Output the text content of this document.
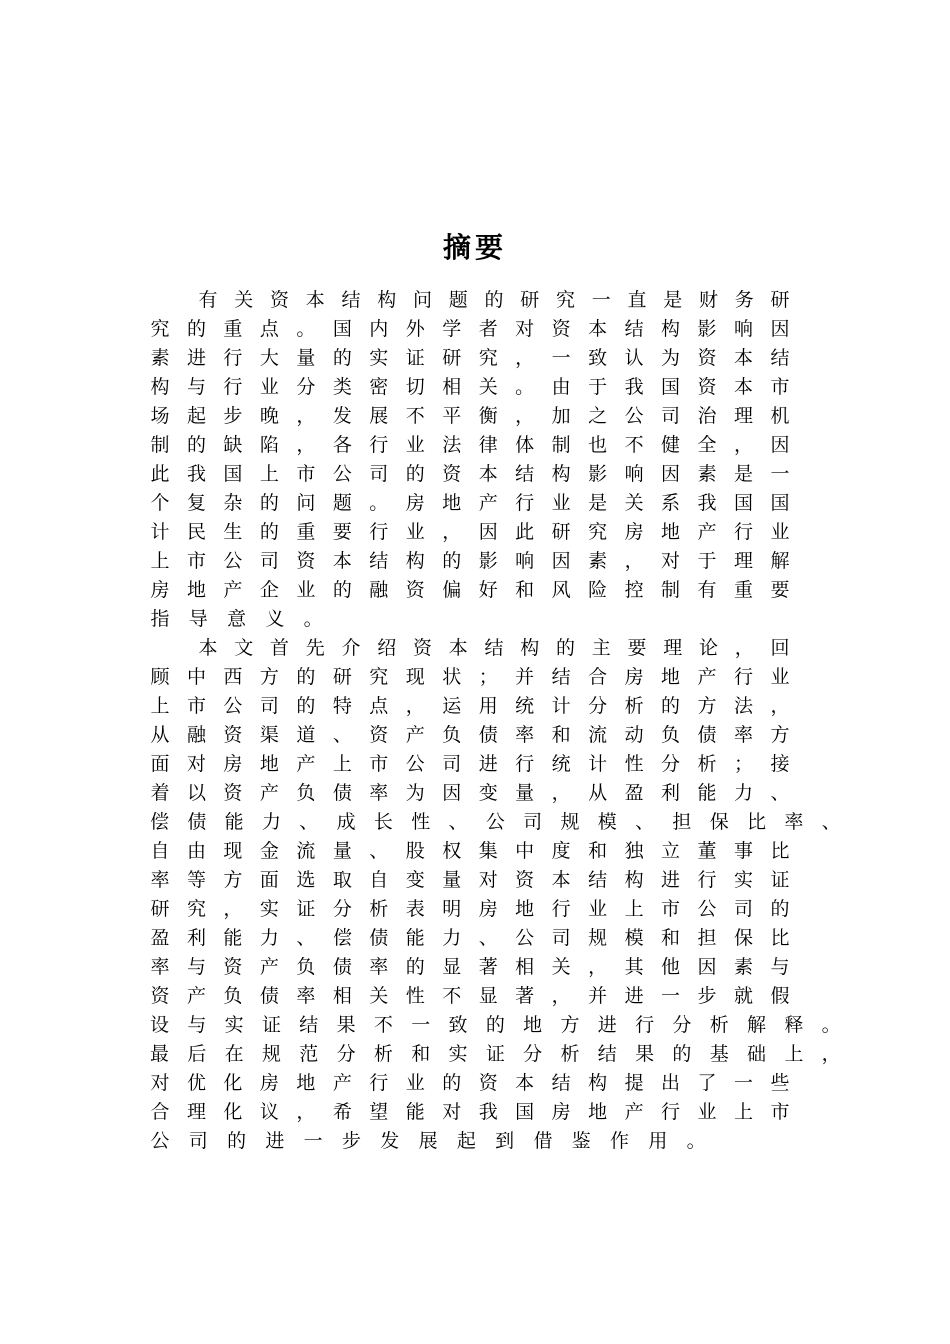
摘要
有 关 资 本 结 构 问 题 的 研 究 一 直 是 财 务 研
究 的 重 点 。 国 内 外 学 者 对 资 本 结 构 影 响 因
素 进 行 大 量 的 实 证 研 究 ， 一 致 认 为 资 本 结
构 与 行 业 分 类 密 切 相 关 。 由 于 我 国 资 本 市
场 起 步 晚 ， 发 展 不 平 衡 ， 加 之 公 司 治 理 机
制 的 缺 陷 ， 各 行 业 法 律 体 制 也 不 健 全 ， 因
此 我 国 上 市 公 司 的 资 本 结 构 影 响 因 素 是 一
个 复 杂 的 问 题 。 房 地 产 行 业 是 关 系 我 国 国
计 民 生 的 重 要 行 业 ， 因 此 研 究 房 地 产 行 业
上 市 公 司 资 本 结 构 的 影 响 因 素 ， 对 于 理 解
房 地 产 企 业 的 融 资 偏 好 和 风 险 控 制 有 重 要
指 导 意 义 。
本 文 首 先 介 绍 资 本 结 构 的 主 要 理 论 ， 回
顾 中 西 方 的 研 究 现 状 ； 并 结 合 房 地 产 行 业
上 市 公 司 的 特 点 ， 运 用 统 计 分 析 的 方 法 ，
从 融 资 渠 道 、 资 产 负 债 率 和 流 动 负 债 率 方
面 对 房 地 产 上 市 公 司 进 行 统 计 性 分 析 ； 接
着 以 资 产 负 债 率 为 因 变 量 ， 从 盈 利 能 力 、
偿 债 能 力 、 成 长 性 、 公 司 规 模 、 担 保 比 率 、
自 由 现 金 流 量 、 股 权 集 中 度 和 独 立 董 事 比
率 等 方 面 选 取 自 变 量 对 资 本 结 构 进 行 实 证
研 究 ， 实 证 分 析 表 明 房 地 行 业 上 市 公 司 的
盈 利 能 力 、 偿 债 能 力 、 公 司 规 模 和 担 保 比
率 与 资 产 负 债 率 的 显 著 相 关 ， 其 他 因 素 与
资 产 负 债 率 相 关 性 不 显 著 ， 并 进 一 步 就 假
设 与 实 证 结 果 不 一 致 的 地 方 进 行 分 析 解 释 。
最 后 在 规 范 分 析 和 实 证 分 析 结 果 的 基 础 上 ，
对 优 化 房 地 产 行 业 的 资 本 结 构 提 出 了 一 些
合 理 化 议 ， 希 望 能 对 我 国 房 地 产 行 业 上 市
公 司 的 进 一 步 发 展 起 到 借 鉴 作 用 。
